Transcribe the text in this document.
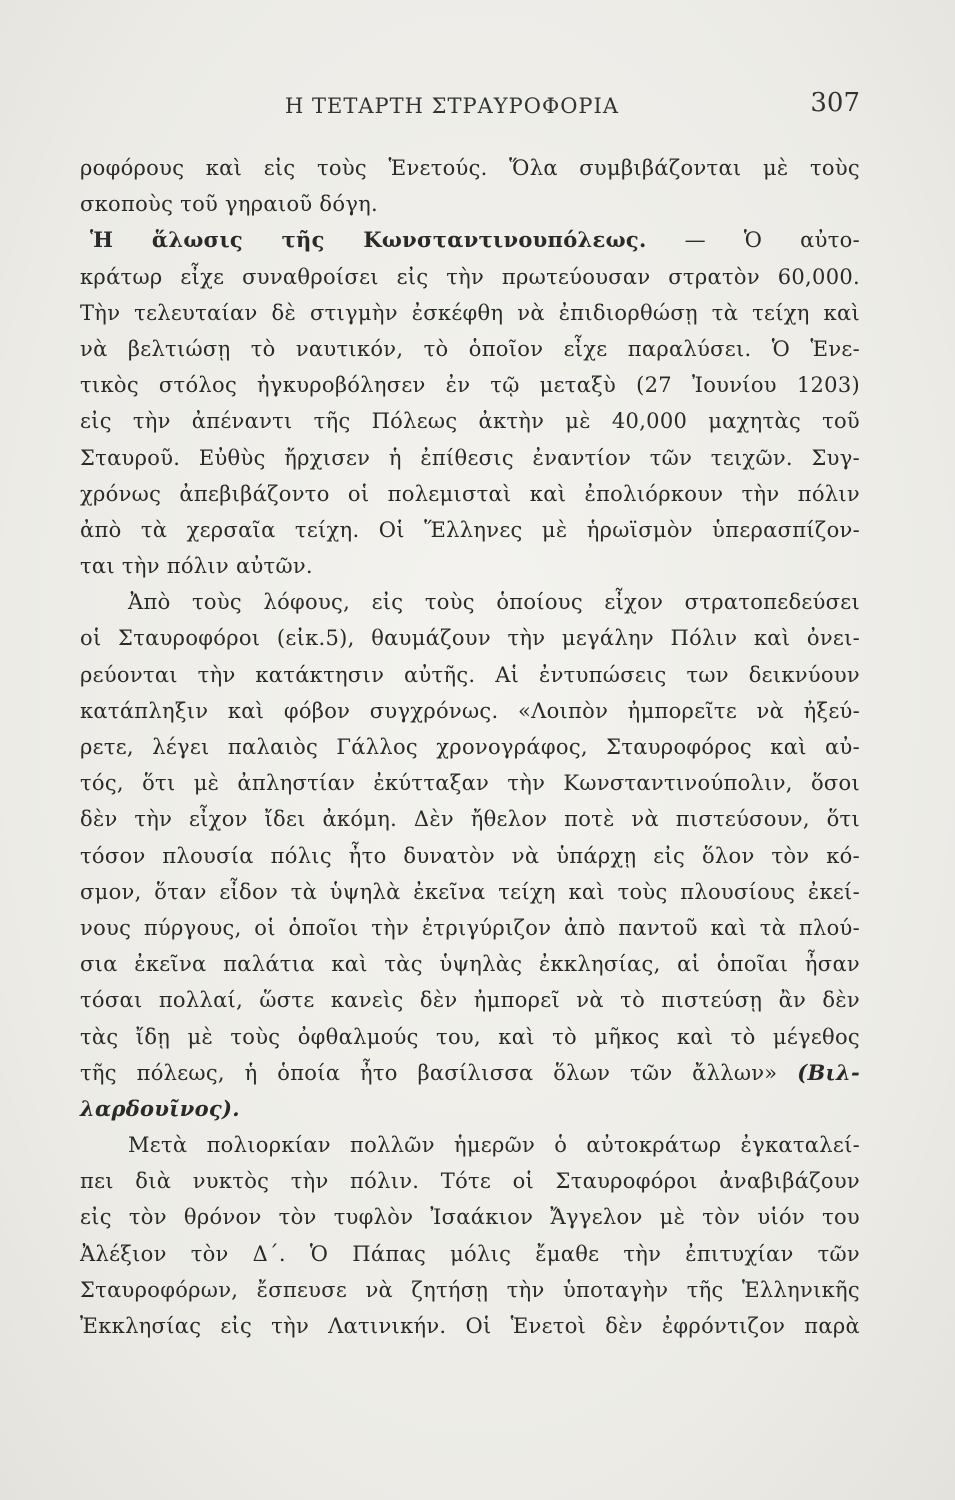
Η ΤΕΤΑΡΤΗ ΣΤΡΑΥΡΟΦΟΡΙΑ	307
ροφόρους καὶ εἰς τοὺς Ἑνετούς. Ὅλα συμβιβάζονται μὲ τοὺς
σκοποὺς τοῦ γηραιοῦ δόγη.
Ἡ ἅλωσις τῆς Κωνσταντινουπόλεως. — Ὁ αὐτο-
κράτωρ εἶχε συναθροίσει εἰς τὴν πρωτεύουσαν στρατὸν 60,000.
Τὴν τελευταίαν δὲ στιγμὴν ἐσκέφθη νὰ ἐπιδιορθώσῃ τὰ τείχη καὶ
νὰ βελτιώσῃ τὸ ναυτικόν, τὸ ὁποῖον εἶχε παραλύσει. Ὁ Ἑνε-
τικὸς στόλος ἠγκυροβόλησεν ἐν τῷ μεταξὺ (27 Ἰουνίου 1203)
εἰς τὴν ἀπέναντι τῆς Πόλεως ἀκτὴν μὲ 40,000 μαχητὰς τοῦ
Σταυροῦ. Εὐθὺς ἤρχισεν ἡ ἐπίθεσις ἐναντίον τῶν τειχῶν. Συγ-
χρόνως ἀπεβιβάζοντο οἱ πολεμισταὶ καὶ ἐπολιόρκουν τὴν πόλιν
ἀπὸ τὰ χερσαῖα τείχη. Οἱ Ἕλληνες μὲ ἡρωϊσμὸν ὑπερασπίζον-
ται τὴν πόλιν αὐτῶν.
Ἀπὸ τοὺς λόφους, εἰς τοὺς ὁποίους εἶχον στρατοπεδεύσει
οἱ Σταυροφόροι (εἰκ.5), θαυμάζουν τὴν μεγάλην Πόλιν καὶ ὀνει-
ρεύονται τὴν κατάκτησιν αὐτῆς. Αἱ ἐντυπώσεις των δεικνύουν
κατάπληξιν καὶ φόβον συγχρόνως. «Λοιπὸν ἠμπορεῖτε νὰ ἠξεύ-
ρετε, λέγει παλαιὸς Γάλλος χρονογράφος, Σταυροφόρος καὶ αὐ-
τός, ὅτι μὲ ἀπληστίαν ἐκύτταξαν τὴν Κωνσταντινούπολιν, ὅσοι
δὲν τὴν εἶχον ἴδει ἀκόμη. Δὲν ἤθελον ποτὲ νὰ πιστεύσουν, ὅτι
τόσον πλουσία πόλις ἦτο δυνατὸν νὰ ὑπάρχῃ εἰς ὅλον τὸν κό-
σμον, ὅταν εἶδον τὰ ὑψηλὰ ἐκεῖνα τείχη καὶ τοὺς πλουσίους ἐκεί-
νους πύργους, οἱ ὁποῖοι τὴν ἐτριγύριζον ἀπὸ παντοῦ καὶ τὰ πλού-
σια ἐκεῖνα παλάτια καὶ τὰς ὑψηλὰς ἐκκλησίας, αἱ ὁποῖαι ἦσαν
τόσαι πολλαί, ὥστε κανεὶς δὲν ἠμπορεῖ νὰ τὸ πιστεύσῃ ἂν δὲν
τὰς ἴδῃ μὲ τοὺς ὀφθαλμούς του, καὶ τὸ μῆκος καὶ τὸ μέγεθος
τῆς πόλεως, ἡ ὁποία ἦτο βασίλισσα ὅλων τῶν ἄλλων» (Βιλ-
λαρδουῖνος).
Μετὰ πολιορκίαν πολλῶν ἡμερῶν ὁ αὐτοκράτωρ ἐγκαταλεί-
πει διὰ νυκτὸς τὴν πόλιν. Τότε οἱ Σταυροφόροι ἀναβιβάζουν
εἰς τὸν θρόνον τὸν τυφλὸν Ἰσαάκιον Ἄγγελον μὲ τὸν υἱόν του
Ἀλέξιον τὸν Δ΄. Ὁ Πάπας μόλις ἔμαθε τὴν ἐπιτυχίαν τῶν
Σταυροφόρων, ἔσπευσε νὰ ζητήσῃ τὴν ὑποταγὴν τῆς Ἑλληνικῆς
Ἐκκλησίας εἰς τὴν Λατινικήν. Οἱ Ἑνετοὶ δὲν ἐφρόντιζον παρὰ
